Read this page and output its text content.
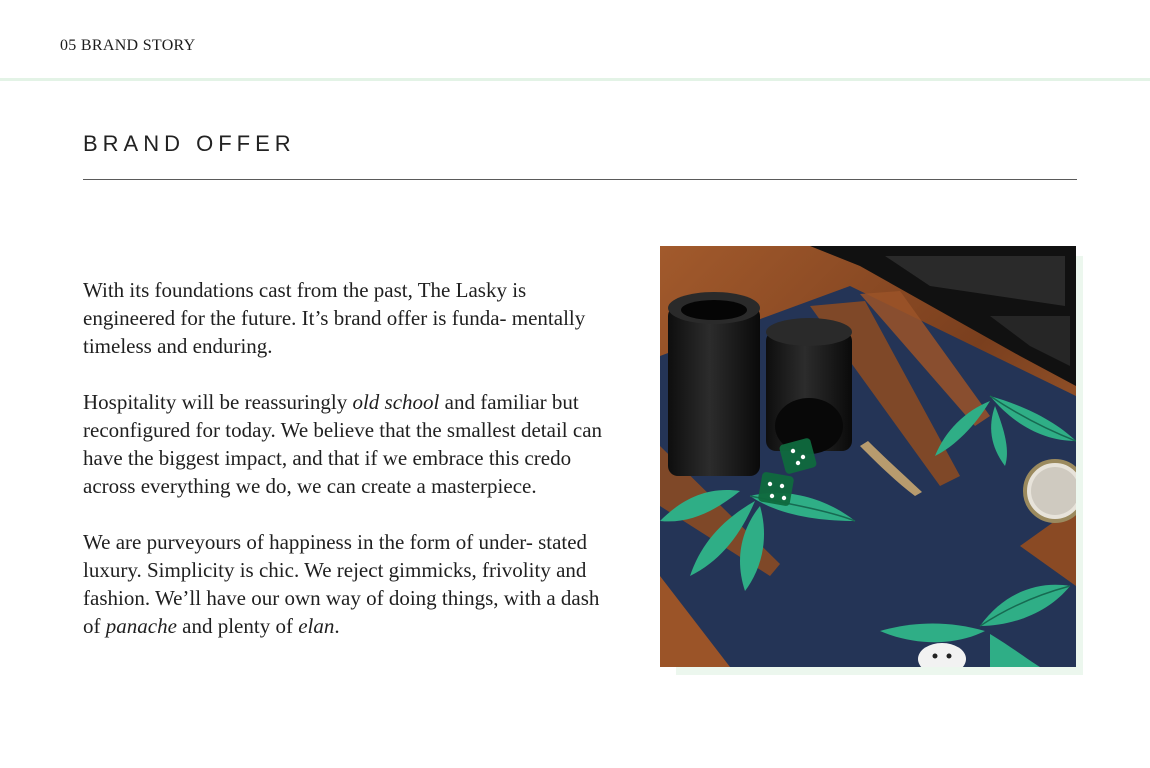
05 BRAND STORY
BRAND OFFER

With its foundations cast from the past, The Lasky is engineered for the future. It’s brand offer is funda- mentally timeless and enduring.

Hospitality will be reassuringly old school and familiar but reconfigured for today. We believe that the smallest detail can have the biggest impact, and that if we embrace this credo across everything we do, we can create a masterpiece.

We are purveyours of happiness in the form of under- stated luxury. Simplicity is chic. We reject gimmicks, frivolity and fashion. We’ll have our own way of doing things, with a dash of panache and plenty of elan.
